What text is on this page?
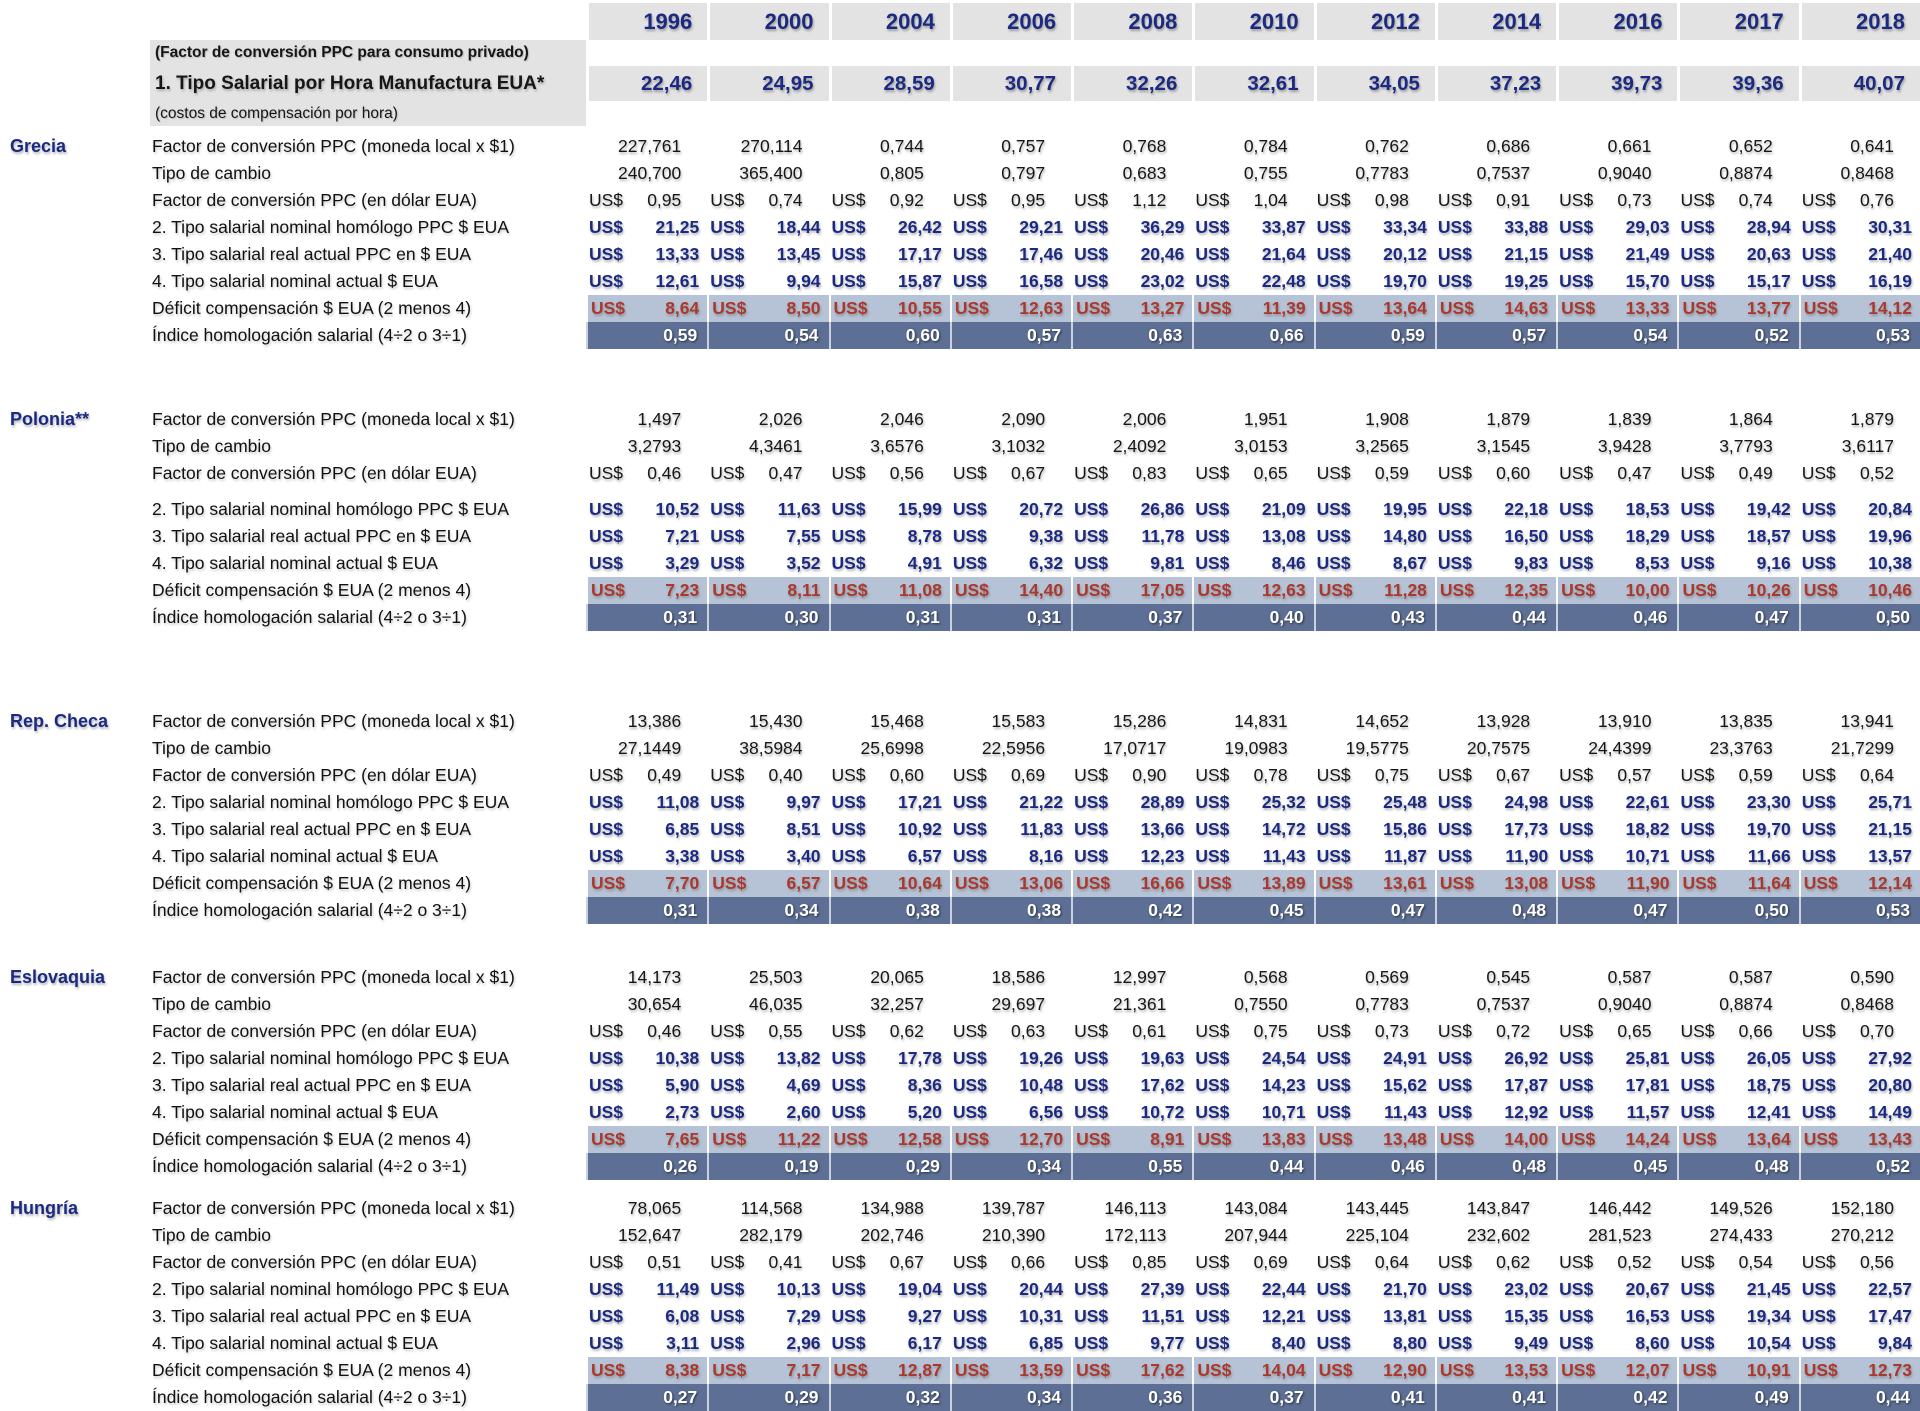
1996	2000	2004	2006	2008	2010	2012	2014	2016	2017	2018
(Factor de conversión PPC para consumo privado)
1. Tipo Salarial por Hora Manufactura EUA*	22,46	24,95	28,59	30,77	32,26	32,61	34,05	37,23	39,73	39,36	40,07
(costos de compensación por hora)
Grecia	Factor de conversión PPC (moneda local x $1)	227,761	270,114	0,744	0,757	0,768	0,784	0,762	0,686	0,661	0,652	0,641
Tipo de cambio	240,700	365,400	0,805	0,797	0,683	0,755	0,7783	0,7537	0,9040	0,8874	0,8468
Factor de conversión PPC (en dólar EUA)	US$ 0,95	US$ 0,74	US$ 0,92	US$ 0,95	US$ 1,12	US$ 1,04	US$ 0,98	US$ 0,91	US$ 0,73	US$ 0,74	US$ 0,76
2. Tipo salarial nominal homólogo PPC $ EUA	US$ 21,25 US$ 18,44 US$ 26,42 US$ 29,21 US$ 36,29 US$ 33,87 US$ 33,34 US$ 33,88 US$ 29,03 US$ 28,94 US$ 30,31
3. Tipo salarial real actual PPC en $ EUA	US$ 13,33 US$ 13,45 US$ 17,17 US$ 17,46 US$ 20,46 US$ 21,64 US$ 20,12 US$ 21,15 US$ 21,49 US$ 20,63 US$ 21,40
4. Tipo salarial nominal actual $ EUA	US$ 12,61 US$ 9,94 US$ 15,87 US$ 16,58 US$ 23,02 US$ 22,48 US$ 19,70 US$ 19,25 US$ 15,70 US$ 15,17 US$ 16,19
Déficit compensación $ EUA (2 menos 4)	US$ 8,64 US$ 8,50 US$ 10,55 US$ 12,63 US$ 13,27 US$ 11,39 US$ 13,64 US$ 14,63 US$ 13,33 US$ 13,77 US$ 14,12
Índice homologación salarial (4÷2 o 3÷1)	0,59	0,54	0,60	0,57	0,63	0,66	0,59	0,57	0,54	0,52	0,53
Polonia**	Factor de conversión PPC (moneda local x $1)	1,497	2,026	2,046	2,090	2,006	1,951	1,908	1,879	1,839	1,864	1,879
Tipo de cambio	3,2793	4,3461	3,6576	3,1032	2,4092	3,0153	3,2565	3,1545	3,9428	3,7793	3,6117
Factor de conversión PPC (en dólar EUA)	US$ 0,46	US$ 0,47	US$ 0,56	US$ 0,67	US$ 0,83	US$ 0,65	US$ 0,59	US$ 0,60	US$ 0,47	US$ 0,49	US$ 0,52
2. Tipo salarial nominal homólogo PPC $ EUA	US$ 10,52 US$ 11,63 US$ 15,99 US$ 20,72 US$ 26,86 US$ 21,09 US$ 19,95 US$ 22,18 US$ 18,53 US$ 19,42 US$ 20,84
3. Tipo salarial real actual PPC en $ EUA	US$ 7,21 US$ 7,55 US$ 8,78 US$ 9,38 US$ 11,78 US$ 13,08 US$ 14,80 US$ 16,50 US$ 18,29 US$ 18,57 US$ 19,96
4. Tipo salarial nominal actual $ EUA	US$ 3,29 US$ 3,52 US$ 4,91 US$ 6,32 US$ 9,81 US$ 8,46 US$ 8,67 US$ 9,83 US$ 8,53 US$ 9,16 US$ 10,38
Déficit compensación $ EUA (2 menos 4)	US$ 7,23 US$ 8,11 US$ 11,08 US$ 14,40 US$ 17,05 US$ 12,63 US$ 11,28 US$ 12,35 US$ 10,00 US$ 10,26 US$ 10,46
Índice homologación salarial (4÷2 o 3÷1)	0,31	0,30	0,31	0,31	0,37	0,40	0,43	0,44	0,46	0,47	0,50
Rep. Checa	Factor de conversión PPC (moneda local x $1)	13,386	15,430	15,468	15,583	15,286	14,831	14,652	13,928	13,910	13,835	13,941
Tipo de cambio	27,1449	38,5984	25,6998	22,5956	17,0717	19,0983	19,5775	20,7575	24,4399	23,3763	21,7299
Factor de conversión PPC (en dólar EUA)	US$ 0,49	US$ 0,40	US$ 0,60	US$ 0,69	US$ 0,90	US$ 0,78	US$ 0,75	US$ 0,67	US$ 0,57	US$ 0,59	US$ 0,64
2. Tipo salarial nominal homólogo PPC $ EUA	US$ 11,08 US$ 9,97 US$ 17,21 US$ 21,22 US$ 28,89 US$ 25,32 US$ 25,48 US$ 24,98 US$ 22,61 US$ 23,30 US$ 25,71
3. Tipo salarial real actual PPC en $ EUA	US$ 6,85 US$ 8,51 US$ 10,92 US$ 11,83 US$ 13,66 US$ 14,72 US$ 15,86 US$ 17,73 US$ 18,82 US$ 19,70 US$ 21,15
4. Tipo salarial nominal actual $ EUA	US$ 3,38 US$ 3,40 US$ 6,57 US$ 8,16 US$ 12,23 US$ 11,43 US$ 11,87 US$ 11,90 US$ 10,71 US$ 11,66 US$ 13,57
Déficit compensación $ EUA (2 menos 4)	US$ 7,70 US$ 6,57 US$ 10,64 US$ 13,06 US$ 16,66 US$ 13,89 US$ 13,61 US$ 13,08 US$ 11,90 US$ 11,64 US$ 12,14
Índice homologación salarial (4÷2 o 3÷1)	0,31	0,34	0,38	0,38	0,42	0,45	0,47	0,48	0,47	0,50	0,53
Eslovaquia	Factor de conversión PPC (moneda local x $1)	14,173	25,503	20,065	18,586	12,997	0,568	0,569	0,545	0,587	0,587	0,590
Tipo de cambio	30,654	46,035	32,257	29,697	21,361	0,7550	0,7783	0,7537	0,9040	0,8874	0,8468
Factor de conversión PPC (en dólar EUA)	US$ 0,46	US$ 0,55	US$ 0,62	US$ 0,63	US$ 0,61	US$ 0,75	US$ 0,73	US$ 0,72	US$ 0,65	US$ 0,66	US$ 0,70
2. Tipo salarial nominal homólogo PPC $ EUA	US$ 10,38 US$ 13,82 US$ 17,78 US$ 19,26 US$ 19,63 US$ 24,54 US$ 24,91 US$ 26,92 US$ 25,81 US$ 26,05 US$ 27,92
3. Tipo salarial real actual PPC en $ EUA	US$ 5,90 US$ 4,69 US$ 8,36 US$ 10,48 US$ 17,62 US$ 14,23 US$ 15,62 US$ 17,87 US$ 17,81 US$ 18,75 US$ 20,80
4. Tipo salarial nominal actual $ EUA	US$ 2,73 US$ 2,60 US$ 5,20 US$ 6,56 US$ 10,72 US$ 10,71 US$ 11,43 US$ 12,92 US$ 11,57 US$ 12,41 US$ 14,49
Déficit compensación $ EUA (2 menos 4)	US$ 7,65 US$ 11,22 US$ 12,58 US$ 12,70 US$ 8,91 US$ 13,83 US$ 13,48 US$ 14,00 US$ 14,24 US$ 13,64 US$ 13,43
Índice homologación salarial (4÷2 o 3÷1)	0,26	0,19	0,29	0,34	0,55	0,44	0,46	0,48	0,45	0,48	0,52
Hungría	Factor de conversión PPC (moneda local x $1)	78,065	114,568	134,988	139,787	146,113	143,084	143,445	143,847	146,442	149,526	152,180
Tipo de cambio	152,647	282,179	202,746	210,390	172,113	207,944	225,104	232,602	281,523	274,433	270,212
Factor de conversión PPC (en dólar EUA)	US$ 0,51	US$ 0,41	US$ 0,67	US$ 0,66	US$ 0,85	US$ 0,69	US$ 0,64	US$ 0,62	US$ 0,52	US$ 0,54	US$ 0,56
2. Tipo salarial nominal homólogo PPC $ EUA	US$ 11,49 US$ 10,13 US$ 19,04 US$ 20,44 US$ 27,39 US$ 22,44 US$ 21,70 US$ 23,02 US$ 20,67 US$ 21,45 US$ 22,57
3. Tipo salarial real actual PPC en $ EUA	US$ 6,08 US$ 7,29 US$ 9,27 US$ 10,31 US$ 11,51 US$ 12,21 US$ 13,81 US$ 15,35 US$ 16,53 US$ 19,34 US$ 17,47
4. Tipo salarial nominal actual $ EUA	US$ 3,11 US$ 2,96 US$ 6,17 US$ 6,85 US$ 9,77 US$ 8,40 US$ 8,80 US$ 9,49 US$ 8,60 US$ 10,54 US$ 9,84
Déficit compensación $ EUA (2 menos 4)	US$ 8,38 US$ 7,17 US$ 12,87 US$ 13,59 US$ 17,62 US$ 14,04 US$ 12,90 US$ 13,53 US$ 12,07 US$ 10,91 US$ 12,73
Índice homologación salarial (4÷2 o 3÷1)	0,27	0,29	0,32	0,34	0,36	0,37	0,41	0,41	0,42	0,49	0,44
